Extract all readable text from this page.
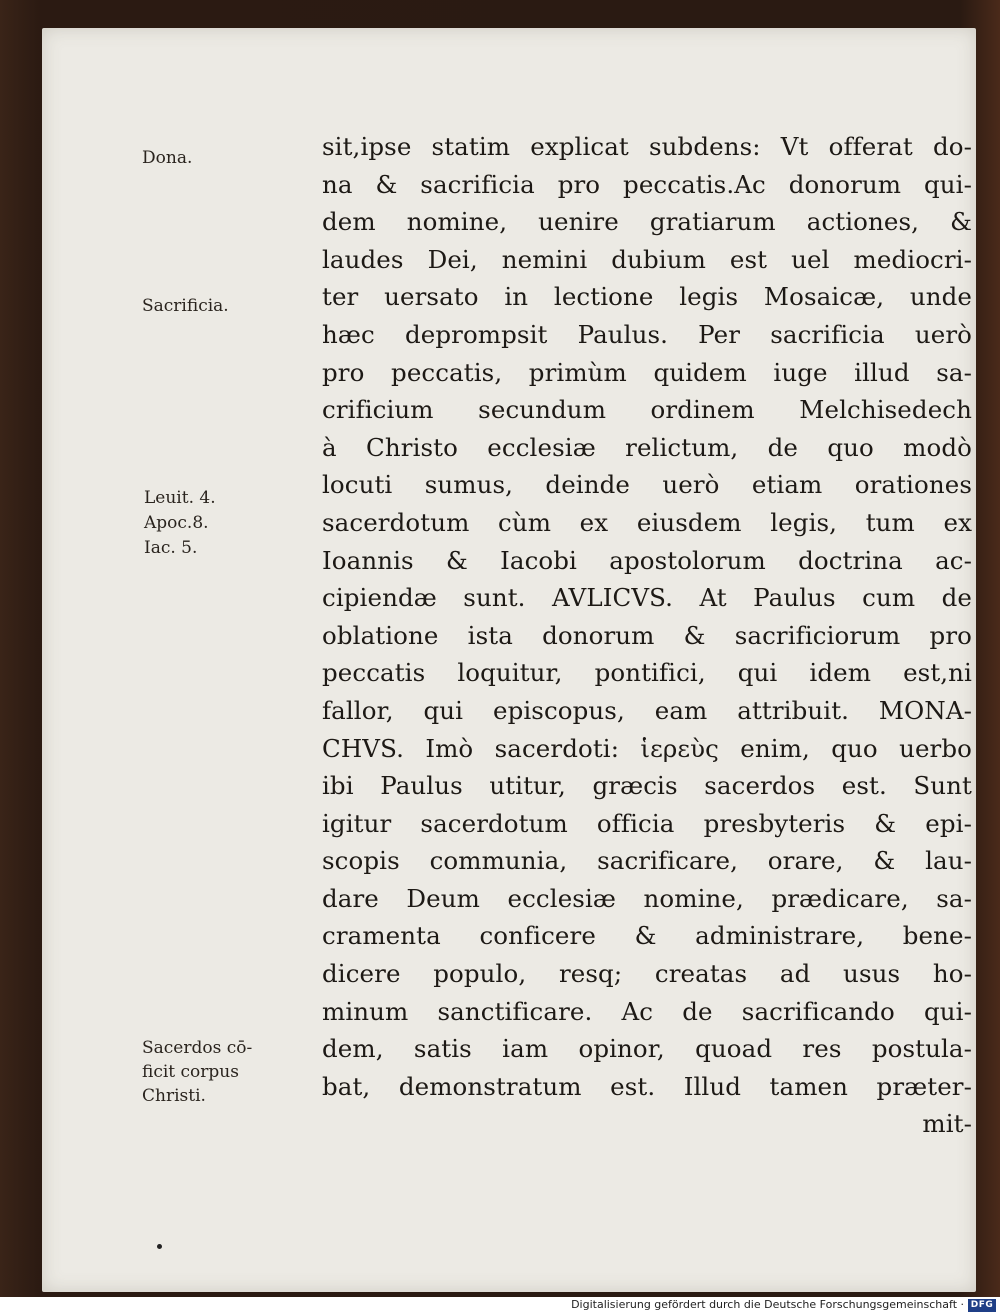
Dona.
Sacrificia.
Leuit. 4.
Apoc.8.
Iac. 5.
Sacerdos cō-
ficit corpus
Christi.
sit,ipse statim explicat subdens: Vt offerat do-
na & sacrificia pro peccatis.Ac donorum qui-
dem nomine, uenire gratiarum actiones, &
laudes Dei, nemini dubium est uel mediocri-
ter uersato in lectione legis Mosaicæ, unde
hæc deprompsit Paulus. Per sacrificia uerò
pro peccatis, primùm quidem iuge illud sa-
crificium secundum ordinem Melchisedech
à Christo ecclesiæ relictum, de quo modò
locuti sumus, deinde uerò etiam orationes
sacerdotum cùm ex eiusdem legis, tum ex
Ioannis & Iacobi apostolorum doctrina ac-
cipiendæ sunt. AVLICVS. At Paulus cum de
oblatione ista donorum & sacrificiorum pro
peccatis loquitur, pontifici, qui idem est,ni
fallor, qui episcopus, eam attribuit. MONA-
CHVS. Imò sacerdoti: ἱερεὺς enim, quo uerbo
ibi Paulus utitur, græcis sacerdos est. Sunt
igitur sacerdotum officia presbyteris & epi-
scopis communia, sacrificare, orare, & lau-
dare Deum ecclesiæ nomine, prædicare, sa-
cramenta conficere & administrare, bene-
dicere populo, resq; creatas ad usus ho-
minum sanctificare. Ac de sacrificando qui-
dem, satis iam opinor, quoad res postula-
bat, demonstratum est. Illud tamen præter-
mit-
Digitalisierung gefördert durch die Deutsche Forschungsgemeinschaft · DFG
